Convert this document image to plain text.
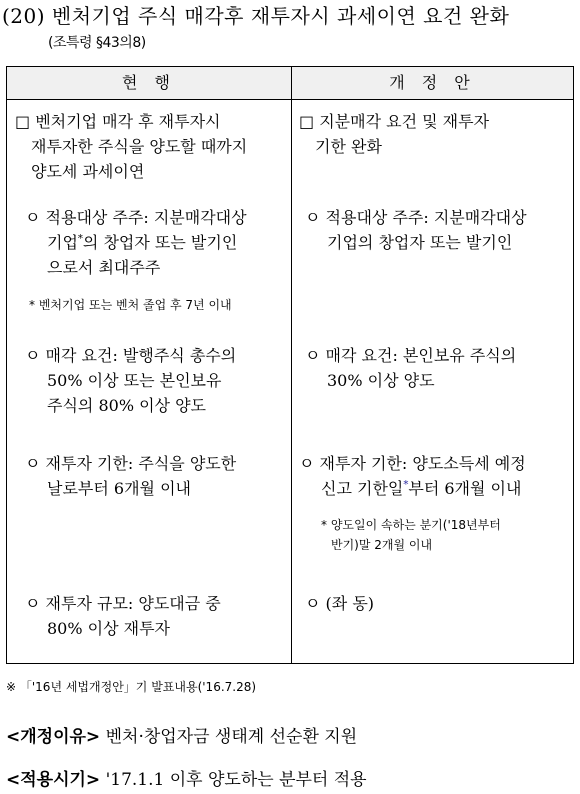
(20) 벤처기업 주식 매각후 재투자시 과세이연 요건 완화
(조특령 §43의8)
현 행	개 정 안
□ 벤처기업 매각 후 재투자시
재투자한 주식을 양도할 때까지
양도세 과세이연
ㅇ 적용대상 주주: 지분매각대상
기업*의 창업자 또는 발기인
으로서 최대주주
* 벤처기업 또는 벤처 졸업 후 7년 이내
ㅇ 매각 요건: 발행주식 총수의
50% 이상 또는 본인보유
주식의 80% 이상 양도
ㅇ 재투자 기한: 주식을 양도한
날로부터 6개월 이내
ㅇ 재투자 규모: 양도대금 중
80% 이상 재투자
□ 지분매각 요건 및 재투자
기한 완화
ㅇ 적용대상 주주: 지분매각대상
기업의 창업자 또는 발기인
ㅇ 매각 요건: 본인보유 주식의
30% 이상 양도
ㅇ 재투자 기한: 양도소득세 예정
신고 기한일*부터 6개월 이내
* 양도일이 속하는 분기('18년부터
반기)말 2개월 이내
ㅇ (좌 동)
※ 「'16년 세법개정안」기 발표내용('16.7.28)
<개정이유> 벤처·창업자금 생태계 선순환 지원
<적용시기> '17.1.1 이후 양도하는 분부터 적용
